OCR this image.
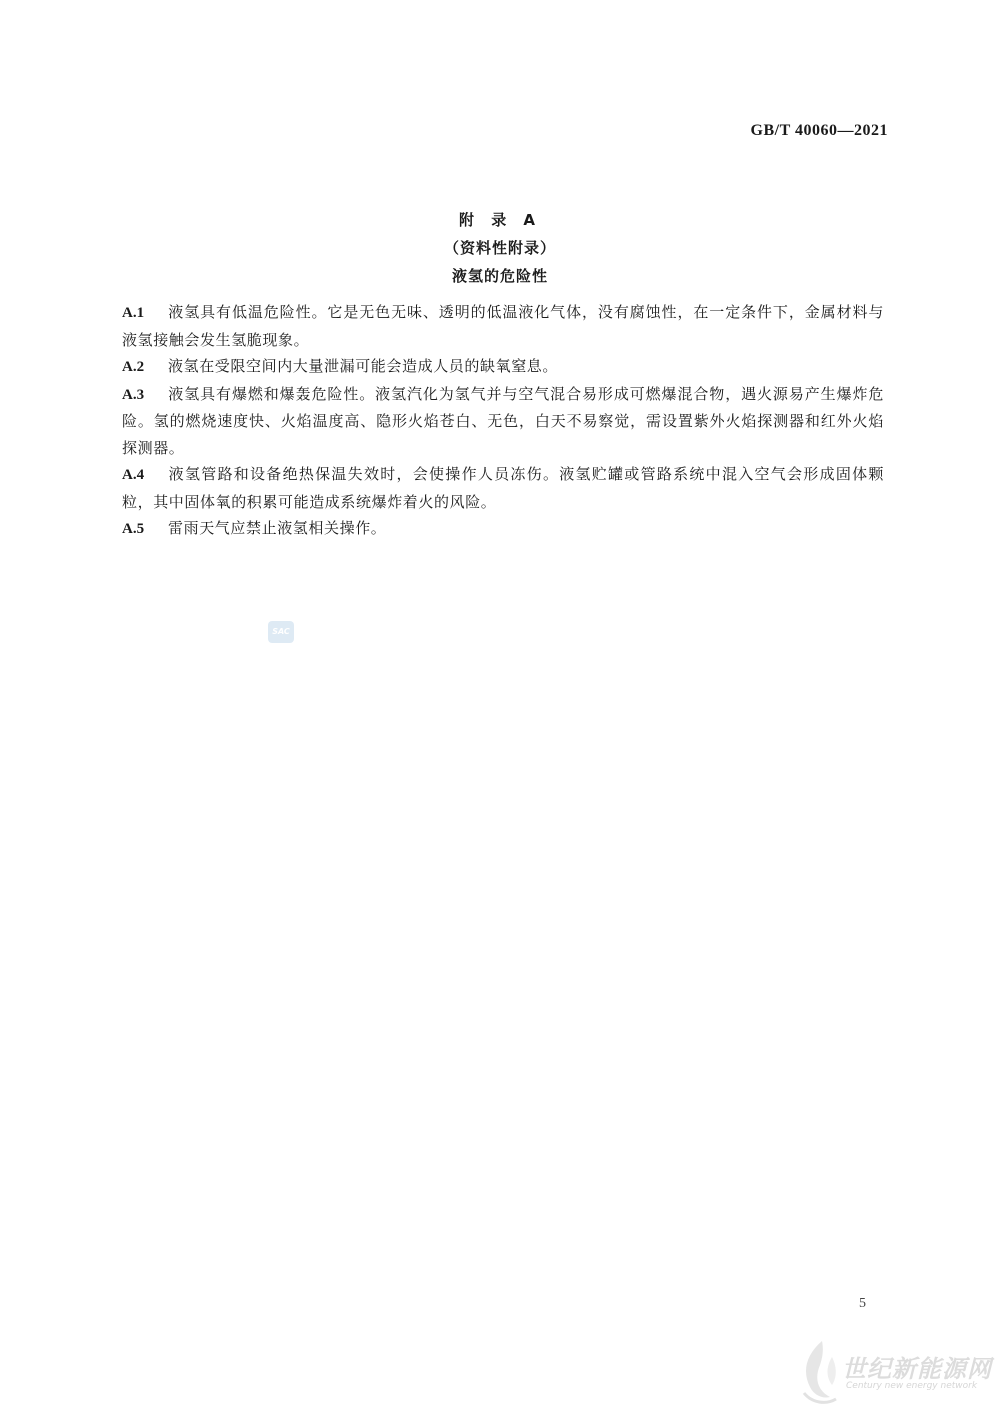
GB/T 40060—2021
附 录 A
（资料性附录）
液氢的危险性

A.1 液氢具有低温危险性。它是无色无味、透明的低温液化气体，没有腐蚀性，在一定条件下，金属材料与液氢接触会发生氢脆现象。

A.2 液氢在受限空间内大量泄漏可能会造成人员的缺氧窒息。

A.3 液氢具有爆燃和爆轰危险性。液氢汽化为氢气并与空气混合易形成可燃爆混合物，遇火源易产生爆炸危险。氢的燃烧速度快、火焰温度高、隐形火焰苍白、无色，白天不易察觉，需设置紫外火焰探测器和红外火焰探测器。

A.4 液氢管路和设备绝热保温失效时，会使操作人员冻伤。液氢贮罐或管路系统中混入空气会形成固体颗粒，其中固体氧的积累可能造成系统爆炸着火的风险。

A.5 雷雨天气应禁止液氢相关操作。

SAC
5
世纪新能源网
Century new energy network
